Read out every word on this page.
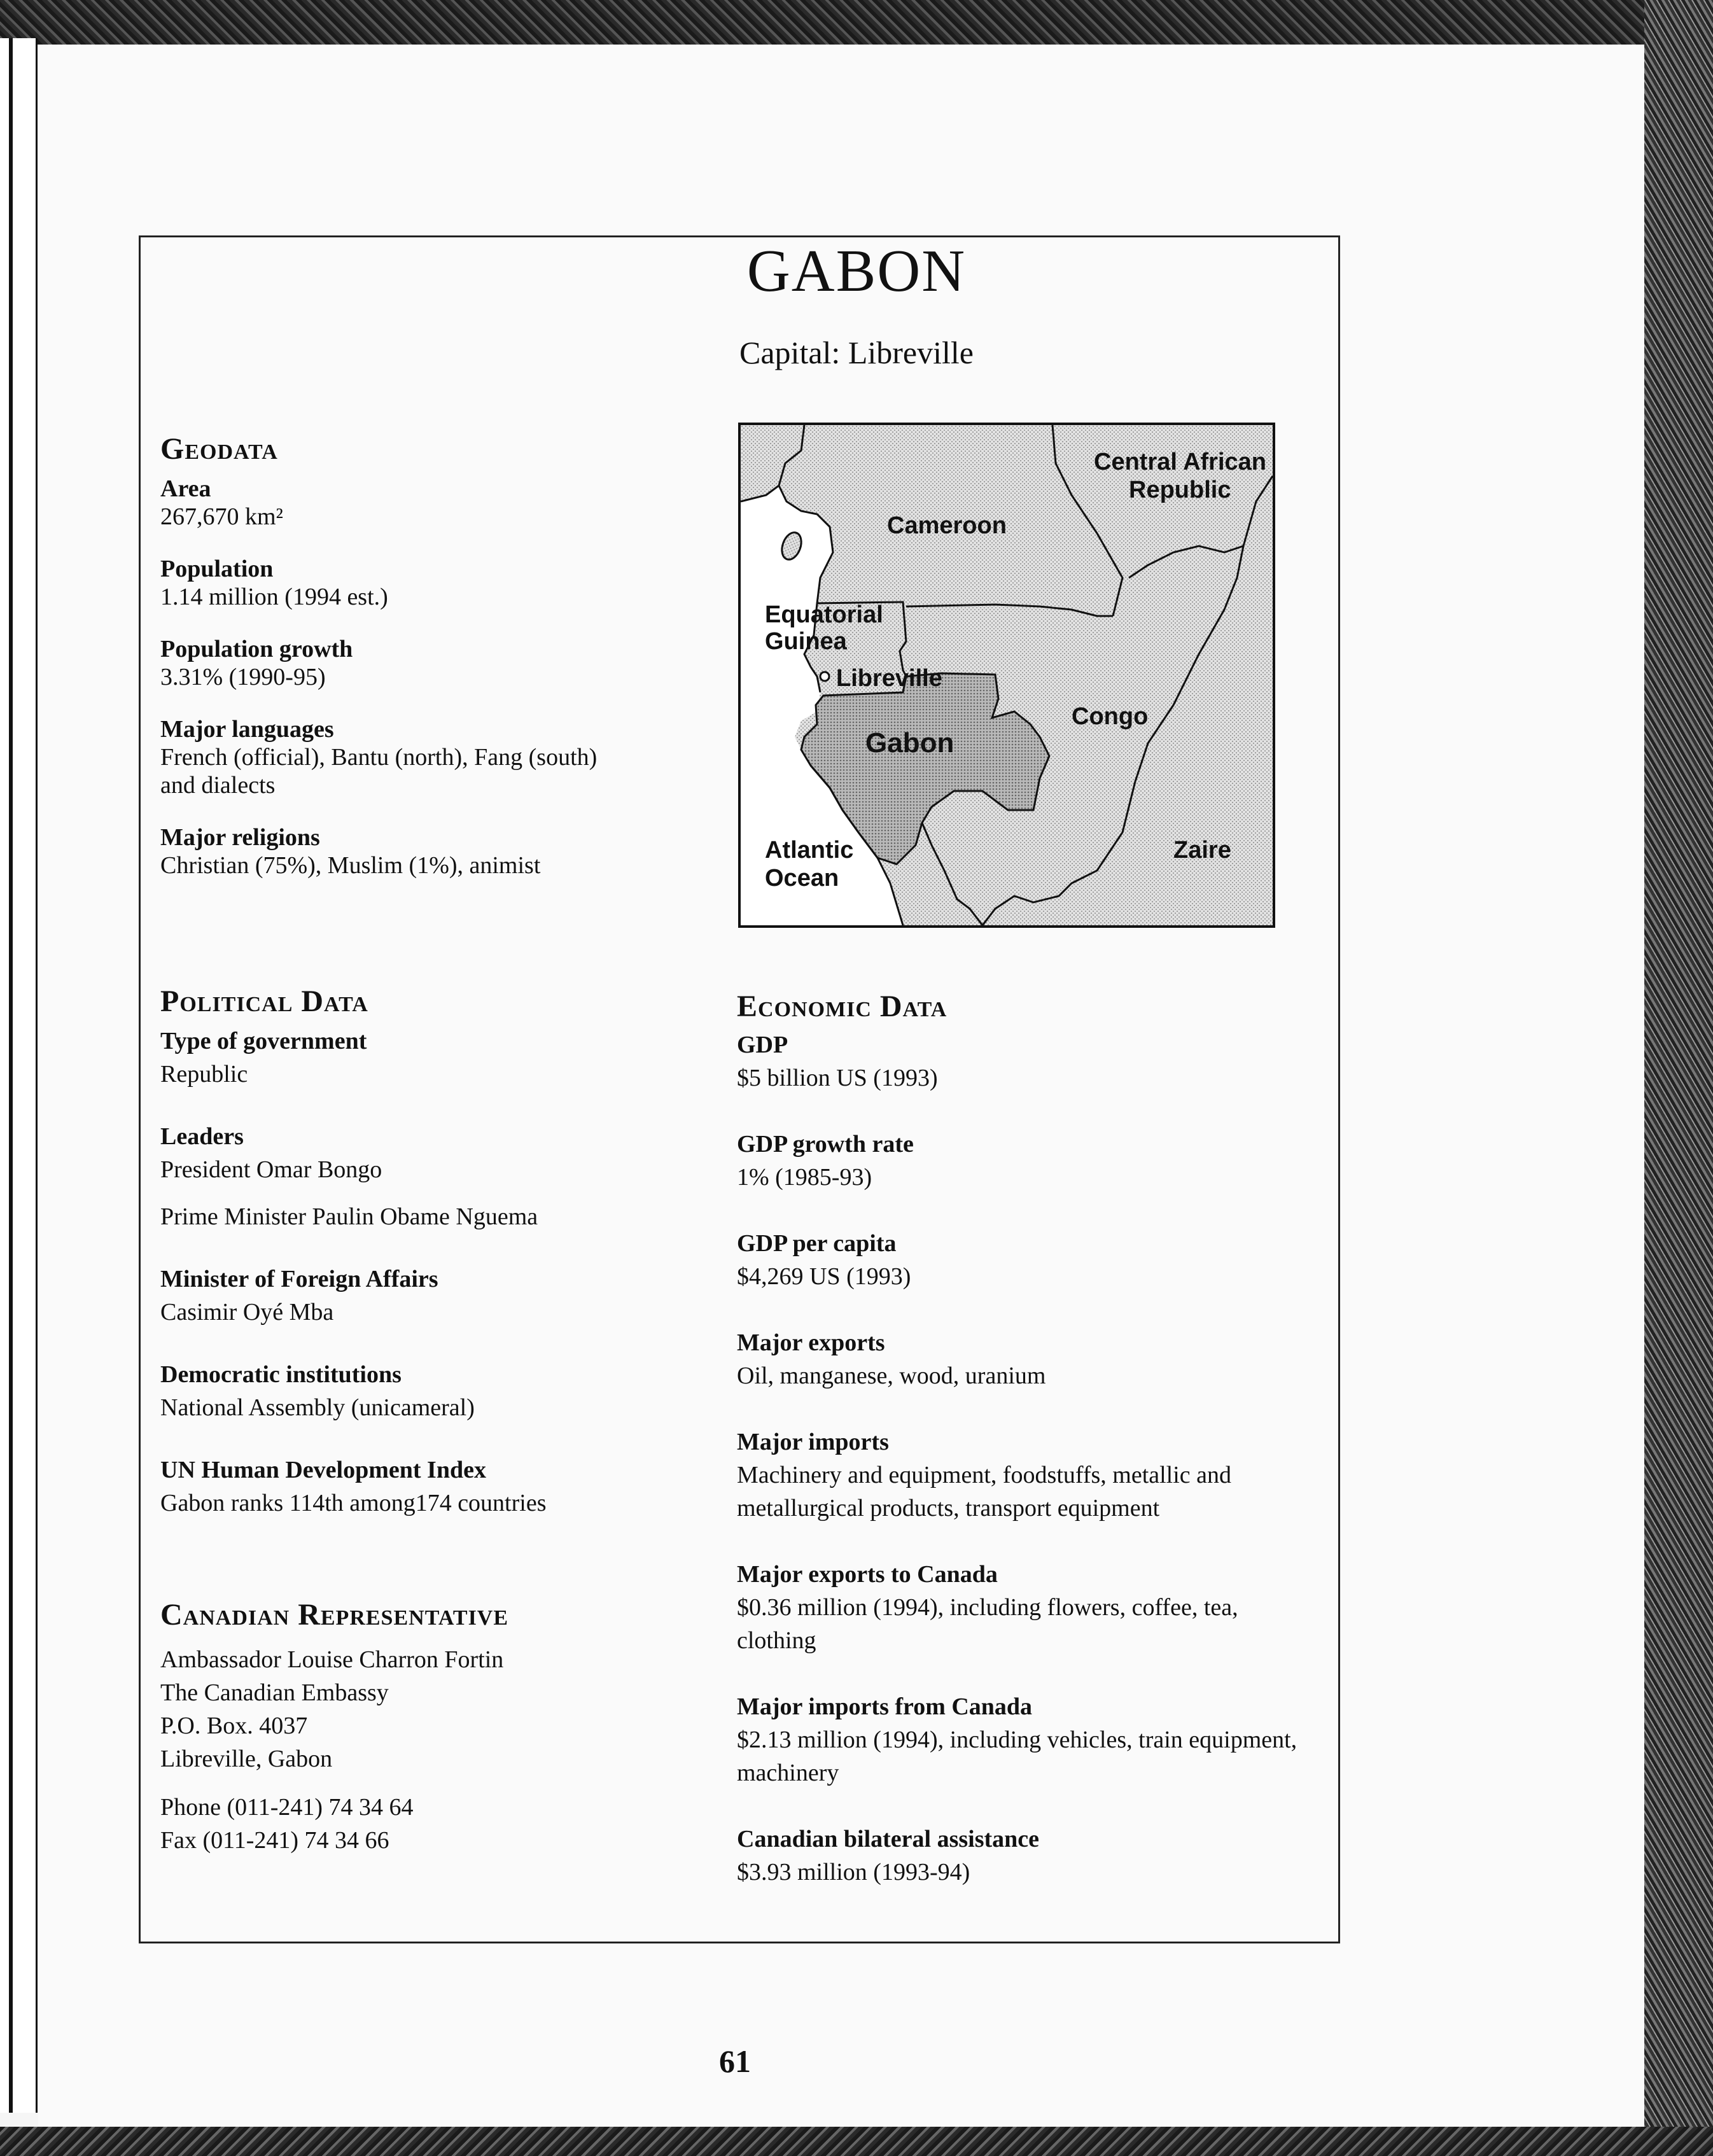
GABON
Capital: Libreville
Geodata
Area
267,670 km²
Population
1.14 million (1994 est.)
Population growth
3.31% (1990-95)
Major languages
French (official), Bantu (north), Fang (south) and dialects
Major religions
Christian (75%), Muslim (1%), animist
Central African
Republic
Cameroon
Equatorial
Guinea
Libreville
Gabon
Congo
Atlantic
Ocean
Zaire
Political Data
Type of government
Republic
Leaders
President Omar Bongo
Prime Minister Paulin Obame Nguema
Minister of Foreign Affairs
Casimir Oyé Mba
Democratic institutions
National Assembly (unicameral)
UN Human Development Index
Gabon ranks 114th among174 countries
Canadian Representative
Ambassador Louise Charron Fortin
The Canadian Embassy
P.O. Box. 4037
Libreville, Gabon
Phone (011-241) 74 34 64
Fax (011-241) 74 34 66
Economic Data
GDP
$5 billion US (1993)
GDP growth rate
1% (1985-93)
GDP per capita
$4,269 US (1993)
Major exports
Oil, manganese, wood, uranium
Major imports
Machinery and equipment, foodstuffs, metallic and metallurgical products, transport equipment
Major exports to Canada
$0.36 million (1994), including flowers, coffee, tea, clothing
Major imports from Canada
$2.13 million (1994), including vehicles, train equipment, machinery
Canadian bilateral assistance
$3.93 million (1993-94)
61
